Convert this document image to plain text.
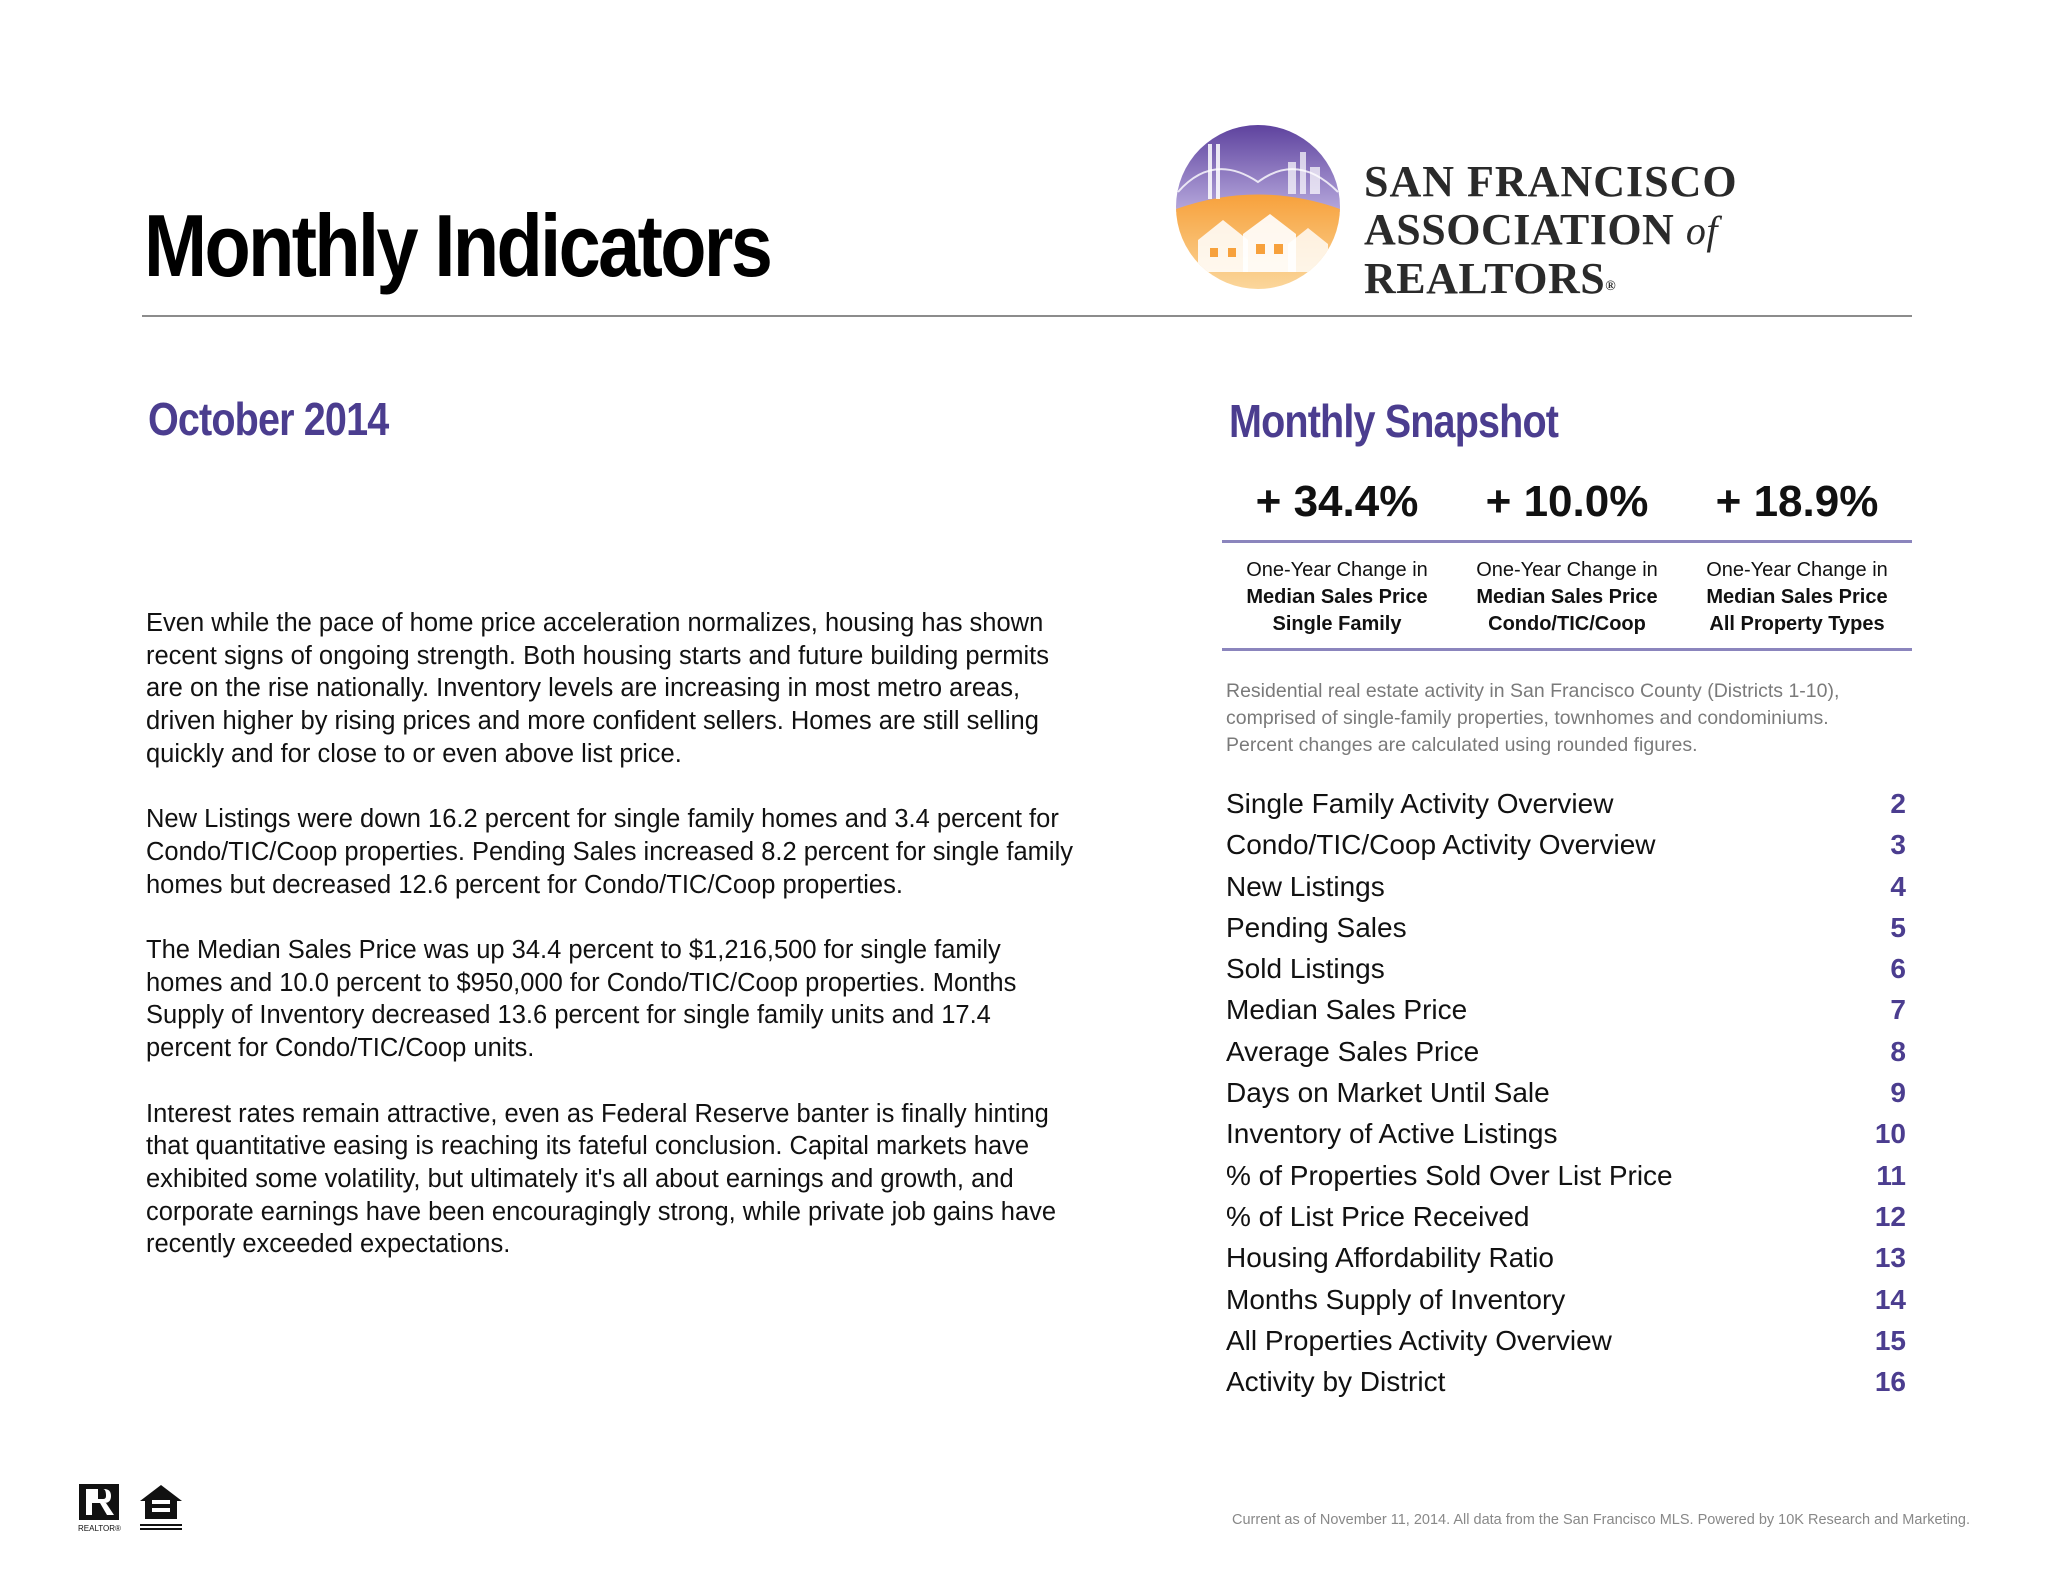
Monthly Indicators
SAN FRANCISCO
ASSOCIATION of REALTORS®
October 2014

Even while the pace of home price acceleration normalizes, housing has shown recent signs of ongoing strength. Both housing starts and future building permits are on the rise nationally. Inventory levels are increasing in most metro areas, driven higher by rising prices and more confident sellers. Homes are still selling quickly and for close to or even above list price.

New Listings were down 16.2 percent for single family homes and 3.4 percent for Condo/TIC/Coop properties. Pending Sales increased 8.2 percent for single family homes but decreased 12.6 percent for Condo/TIC/Coop properties.

The Median Sales Price was up 34.4 percent to $1,216,500 for single family homes and 10.0 percent to $950,000 for Condo/TIC/Coop properties. Months Supply of Inventory decreased 13.6 percent for single family units and 17.4 percent for Condo/TIC/Coop units.

Interest rates remain attractive, even as Federal Reserve banter is finally hinting that quantitative easing is reaching its fateful conclusion. Capital markets have exhibited some volatility, but ultimately it's all about earnings and growth, and corporate earnings have been encouragingly strong, while private job gains have recently exceeded expectations.

Monthly Snapshot
+ 34.4%	+ 10.0%	+ 18.9%
One-Year Change in
Median Sales Price
Single Family
One-Year Change in
Median Sales Price
Condo/TIC/Coop
One-Year Change in
Median Sales Price
All Property Types
Residential real estate activity in San Francisco County (Districts 1-10),
comprised of single-family properties, townhomes and condominiums.
Percent changes are calculated using rounded figures.
Single Family Activity Overview	2
Condo/TIC/Coop Activity Overview	3
New Listings	4
Pending Sales	5
Sold Listings	6
Median Sales Price	7
Average Sales Price	8
Days on Market Until Sale	9
Inventory of Active Listings	10
% of Properties Sold Over List Price	11
% of List Price Received	12
Housing Affordability Ratio	13
Months Supply of Inventory	14
All Properties Activity Overview	15
Activity by District	16
REALTOR®
Current as of November 11, 2014. All data from the San Francisco MLS. Powered by 10K Research and Marketing.
